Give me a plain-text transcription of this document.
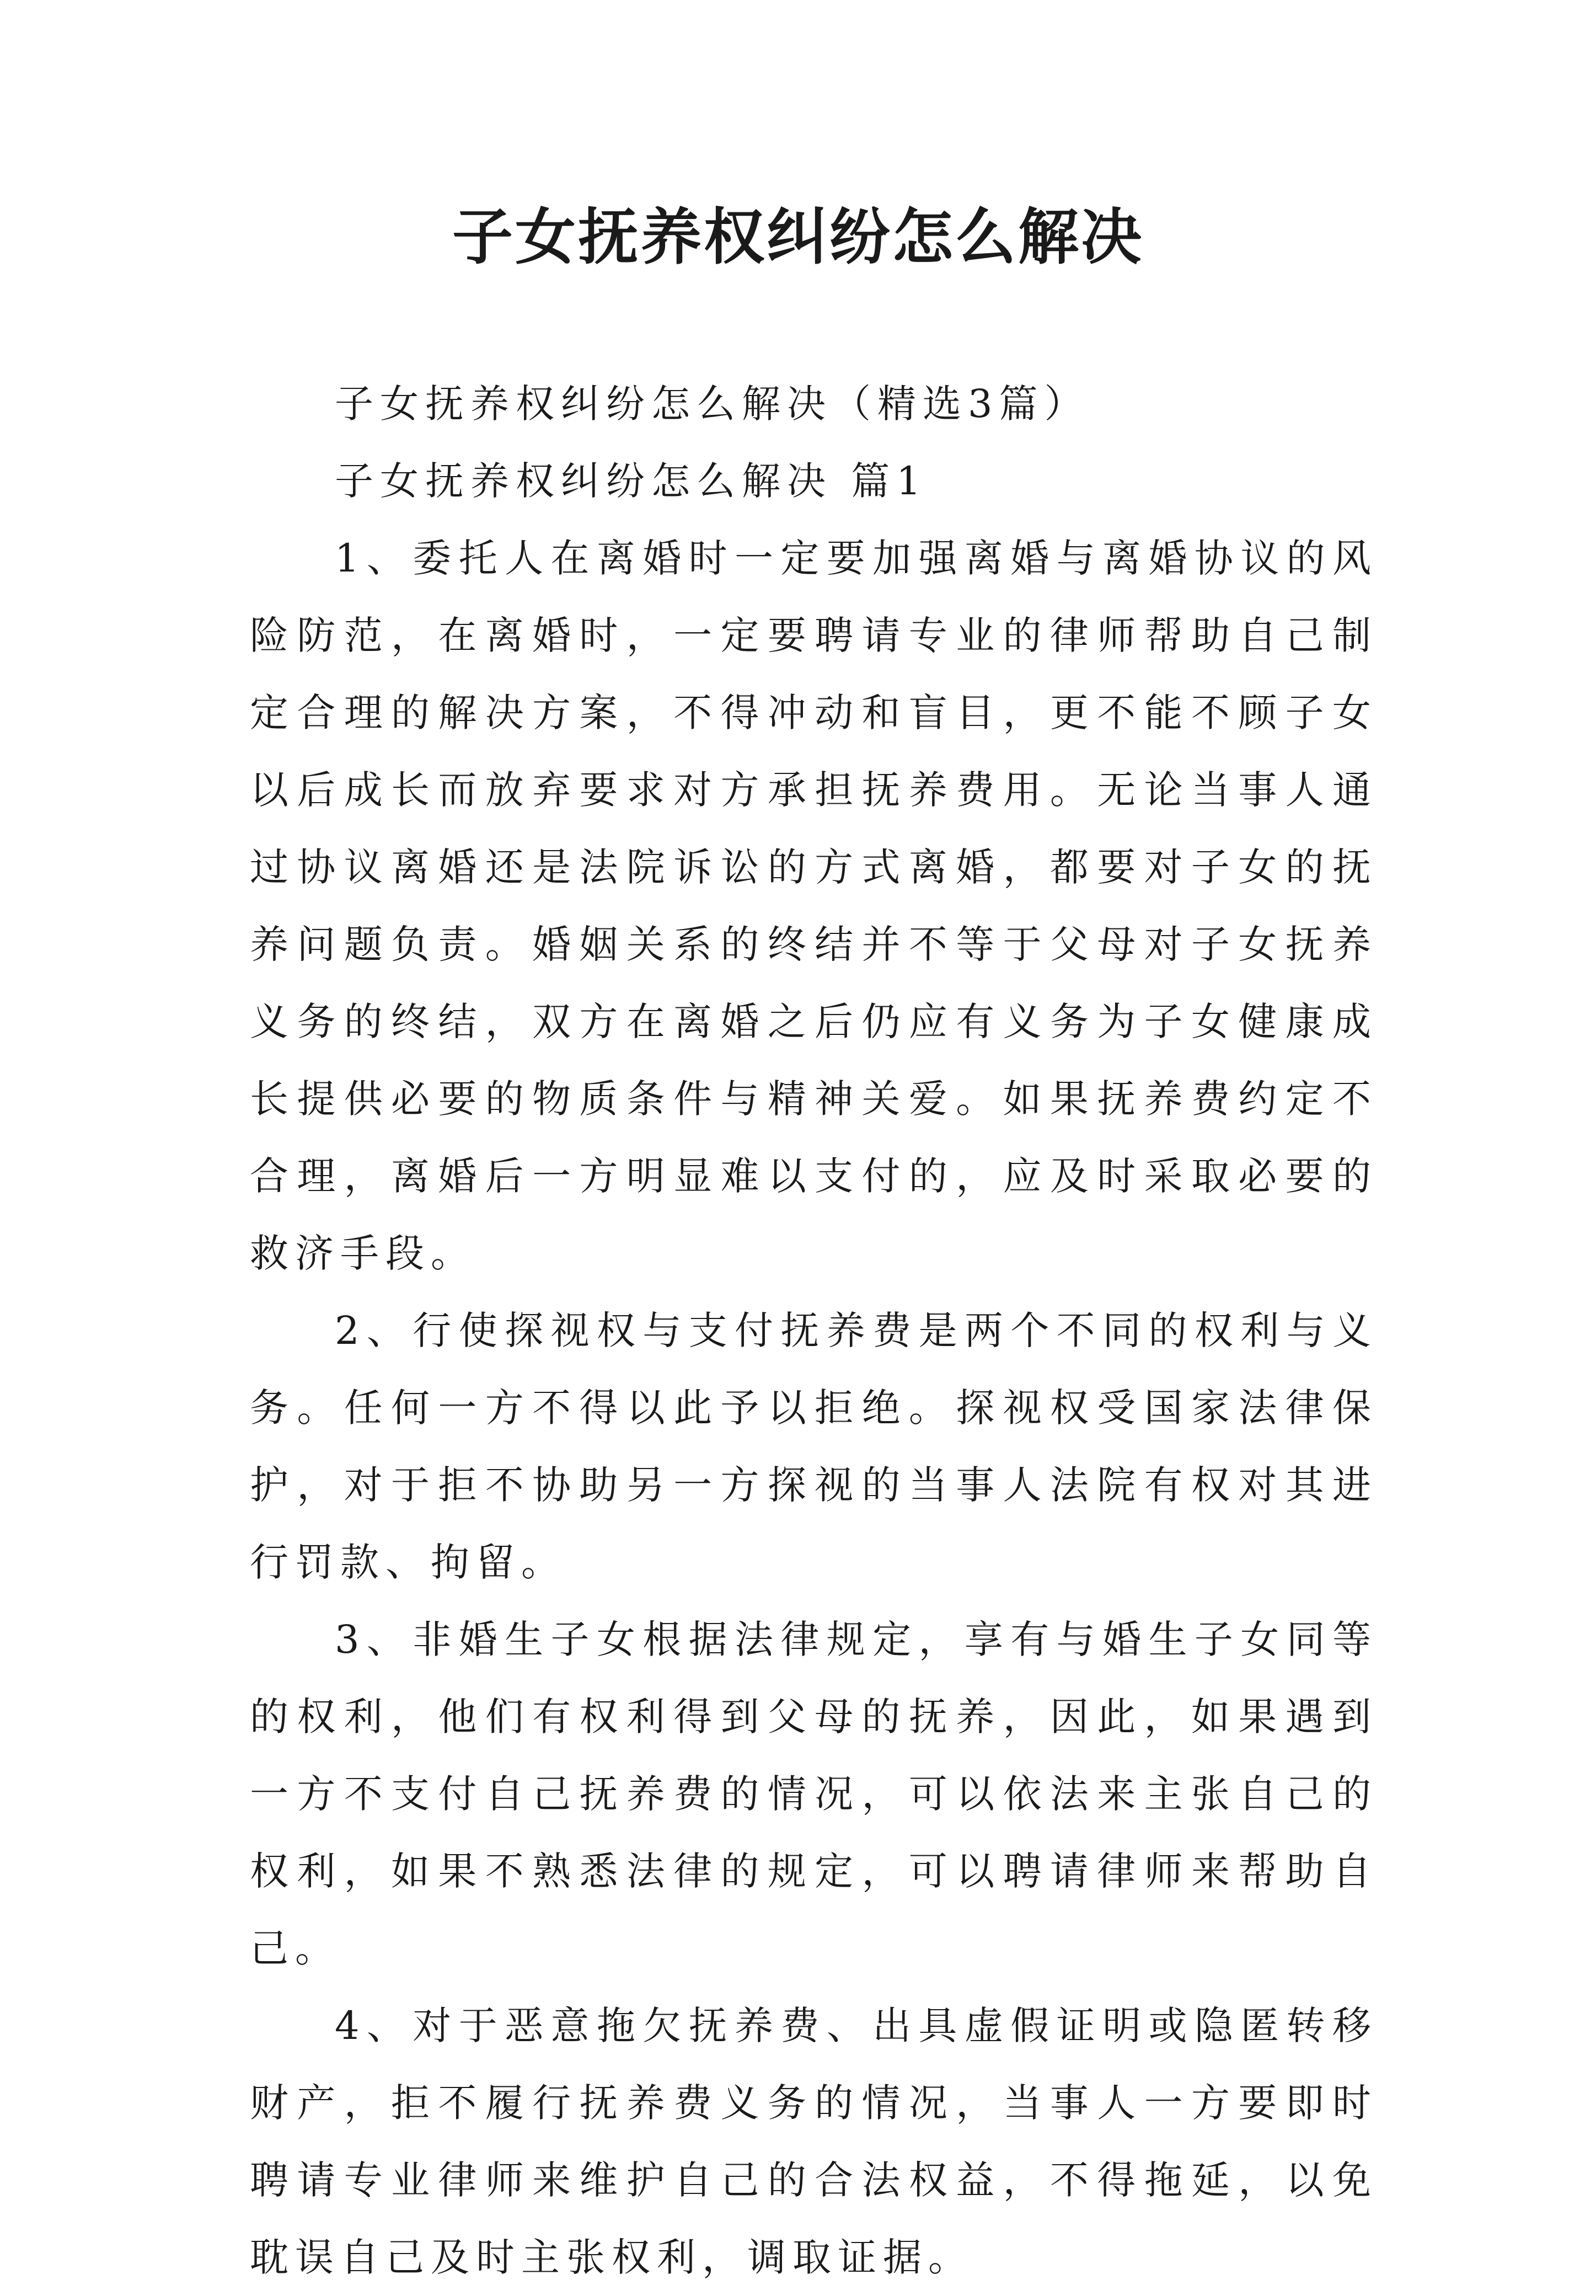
子女抚养权纠纷怎么解决

子女抚养权纠纷怎么解决（精选3篇）

子女抚养权纠纷怎么解决 篇1

1、委托人在离婚时一定要加强离婚与离婚协议的风险防范，在离婚时，一定要聘请专业的律师帮助自己制定合理的解决方案，不得冲动和盲目，更不能不顾子女以后成长而放弃要求对方承担抚养费用。无论当事人通过协议离婚还是法院诉讼的方式离婚，都要对子女的抚养问题负责。婚姻关系的终结并不等于父母对子女抚养义务的终结，双方在离婚之后仍应有义务为子女健康成长提供必要的物质条件与精神关爱。如果抚养费约定不合理，离婚后一方明显难以支付的，应及时采取必要的救济手段。

2、行使探视权与支付抚养费是两个不同的权利与义务。任何一方不得以此予以拒绝。探视权受国家法律保护，对于拒不协助另一方探视的当事人法院有权对其进行罚款、拘留。

3、非婚生子女根据法律规定，享有与婚生子女同等的权利，他们有权利得到父母的抚养，因此，如果遇到一方不支付自己抚养费的情况，可以依法来主张自己的权利，如果不熟悉法律的规定，可以聘请律师来帮助自己。

4、对于恶意拖欠抚养费、出具虚假证明或隐匿转移财产，拒不履行抚养费义务的情况，当事人一方要即时聘请专业律师来维护自己的合法权益，不得拖延，以免耽误自己及时主张权利，调取证据。
